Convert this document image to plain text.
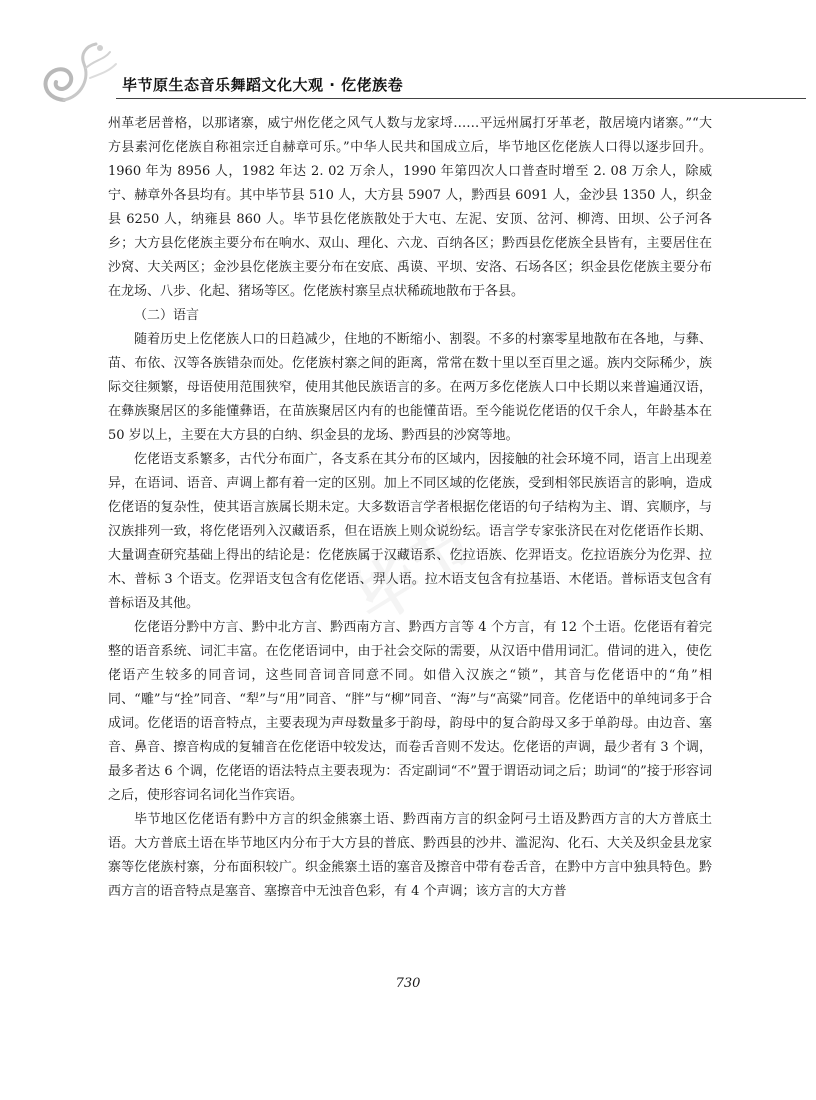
毕节原生态音乐舞蹈文化大观 · 仡佬族卷
毕节

州革老居普格，以那诸寨，威宁州仡佬之风气人数与龙家埒……平远州属打牙革老，散居境内诸寨。”“大方县素河仡佬族自称祖宗迁自赫章可乐。”中华人民共和国成立后，毕节地区仡佬族人口得以逐步回升。1960 年为 8956 人，1982 年达 2. 02 万余人，1990 年第四次人口普查时增至 2. 08 万余人，除威宁、赫章外各县均有。其中毕节县 510 人，大方县 5907 人，黔西县 6091 人，金沙县 1350 人，织金县 6250 人，纳雍县 860 人。毕节县仡佬族散处于大屯、左泥、安顶、岔河、柳湾、田坝、公子河各乡；大方县仡佬族主要分布在响水、双山、理化、六龙、百纳各区；黔西县仡佬族全县皆有，主要居住在沙窝、大关两区；金沙县仡佬族主要分布在安底、禹谟、平坝、安洛、石场各区；织金县仡佬族主要分布在龙场、八步、化起、猪场等区。仡佬族村寨呈点状稀疏地散布于各县。

（二）语言

随着历史上仡佬族人口的日趋减少，住地的不断缩小、割裂。不多的村寨零星地散布在各地，与彝、苗、布依、汉等各族错杂而处。仡佬族村寨之间的距离，常常在数十里以至百里之遥。族内交际稀少，族际交往频繁，母语使用范围狭窄，使用其他民族语言的多。在两万多仡佬族人口中长期以来普遍通汉语，在彝族聚居区的多能懂彝语，在苗族聚居区内有的也能懂苗语。至今能说仡佬语的仅千余人，年龄基本在 50 岁以上，主要在大方县的白纳、织金县的龙场、黔西县的沙窝等地。

仡佬语支系繁多，古代分布面广，各支系在其分布的区域内，因接触的社会环境不同，语言上出现差异，在语词、语音、声调上都有着一定的区别。加上不同区域的仡佬族，受到相邻民族语言的影响，造成仡佬语的复杂性，使其语言族属长期未定。大多数语言学者根据仡佬语的句子结构为主、谓、宾顺序，与汉族排列一致，将仡佬语列入汉藏语系，但在语族上则众说纷纭。语言学专家张济民在对仡佬语作长期、大量调查研究基础上得出的结论是：仡佬族属于汉藏语系、仡拉语族、仡羿语支。仡拉语族分为仡羿、拉木、普标 3 个语支。仡羿语支包含有仡佬语、羿人语。拉木语支包含有拉基语、木佬语。普标语支包含有普标语及其他。

仡佬语分黔中方言、黔中北方言、黔西南方言、黔西方言等 4 个方言，有 12 个土语。仡佬语有着完整的语音系统、词汇丰富。在仡佬语词中，由于社会交际的需要，从汉语中借用词汇。借词的进入，使仡佬语产生较多的同音词，这些同音词音同意不同。如借入汉族之“锁”，其音与仡佬语中的“角”相同、“雕”与“拴”同音、“犁”与“用”同音、“胖”与“柳”同音、“海”与“高粱”同音。仡佬语中的单纯词多于合成词。仡佬语的语音特点，主要表现为声母数量多于韵母，韵母中的复合韵母又多于单韵母。由边音、塞音、鼻音、擦音构成的复辅音在仡佬语中较发达，而卷舌音则不发达。仡佬语的声调，最少者有 3 个调，最多者达 6 个调，仡佬语的语法特点主要表现为：否定副词“不”置于谓语动词之后；助词“的”接于形容词之后，使形容词名词化当作宾语。

毕节地区仡佬语有黔中方言的织金熊寨土语、黔西南方言的织金阿弓土语及黔西方言的大方普底土语。大方普底土语在毕节地区内分布于大方县的普底、黔西县的沙井、滥泥沟、化石、大关及织金县龙家寨等仡佬族村寨，分布面积较广。织金熊寨土语的塞音及擦音中带有卷舌音，在黔中方言中独具特色。黔西方言的语音特点是塞音、塞擦音中无浊音色彩，有 4 个声调；该方言的大方普

730
